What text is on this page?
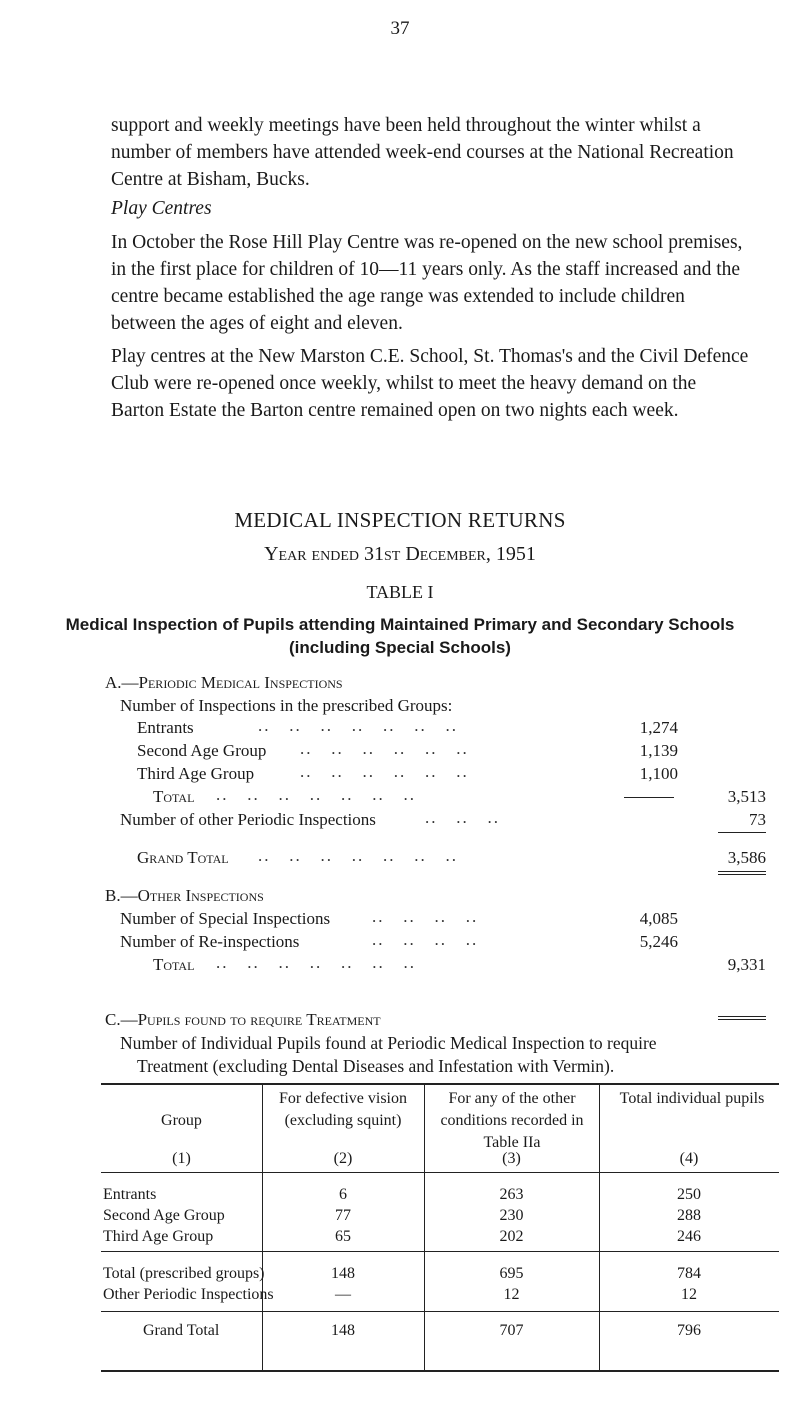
37
support and weekly meetings have been held throughout the winter whilst a number of members have attended week-end courses at the National Recreation Centre at Bisham, Bucks.
Play Centres
In October the Rose Hill Play Centre was re-opened on the new school premises, in the first place for children of 10—11 years only. As the staff increased and the centre became established the age range was extended to include children between the ages of eight and eleven.
Play centres at the New Marston C.E. School, St. Thomas's and the Civil Defence Club were re-opened once weekly, whilst to meet the heavy demand on the Barton Estate the Barton centre remained open on two nights each week.
MEDICAL INSPECTION RETURNS
Year ended 31st December, 1951
TABLE I
Medical Inspection of Pupils attending Maintained Primary and Secondary Schools
(including Special Schools)
A.—Periodic Medical Inspections
Number of Inspections in the prescribed Groups:
Entrants	..   ..   ..   ..   ..   ..   ..	1,274
Second Age Group ..   ..   ..   ..   ..   ..	1,139
Third Age Group	..   ..   ..   ..   ..   ..	1,100
Total ..   ..   ..   ..   ..   ..   ..	3,513
Number of other Periodic Inspections	..   ..   ..	73
Grand Total ..   ..   ..   ..   ..   ..   ..	3,586
B.—Other Inspections
Number of Special Inspections ..   ..   ..   ..	4,085
Number of Re-inspections	..   ..   ..   ..	5,246
Total ..   ..   ..   ..   ..   ..   ..	9,331
C.—Pupils found to require Treatment
Number of Individual Pupils found at Periodic Medical Inspection to require
Treatment (excluding Dental Diseases and Infestation with Vermin).
Group
For defective vision (excluding squint)
For any of the other conditions recorded in Table IIa
Total individual pupils
(1)	(2)	(3)	(4)
Entrants	6	263	250
Second Age Group	77	230	288
Third Age Group	65	202	246
Total (prescribed groups)	148	695	784
Other Periodic Inspections	—	12	12
Grand Total	148	707	796
